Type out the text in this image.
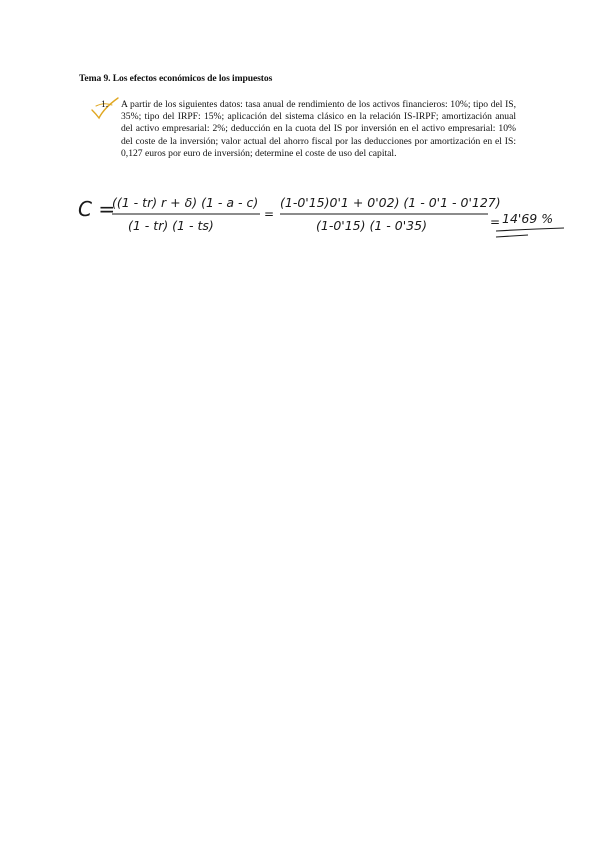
Tema 9. Los efectos económicos de los impuestos
1. A partir de los siguientes datos: tasa anual de rendimiento de los activos financieros: 10%; tipo del IS, 35%; tipo del IRPF: 15%; aplicación del sistema clásico en la relación IS-IRPF; amortización anual del activo empresarial: 2%; deducción en la cuota del IS por inversión en el activo empresarial: 10% del coste de la inversión; valor actual del ahorro fiscal por las deducciones por amortización en el IS: 0,127 euros por euro de inversión; determine el coste de uso del capital.
C =
((1 - tr) r + δ) (1 - a - c)
(1 - tr) (1 - ts)
=
(1-0'15)0'1 + 0'02) (1 - 0'1 - 0'127)
(1-0'15) (1 - 0'35)	= 14'69 %
